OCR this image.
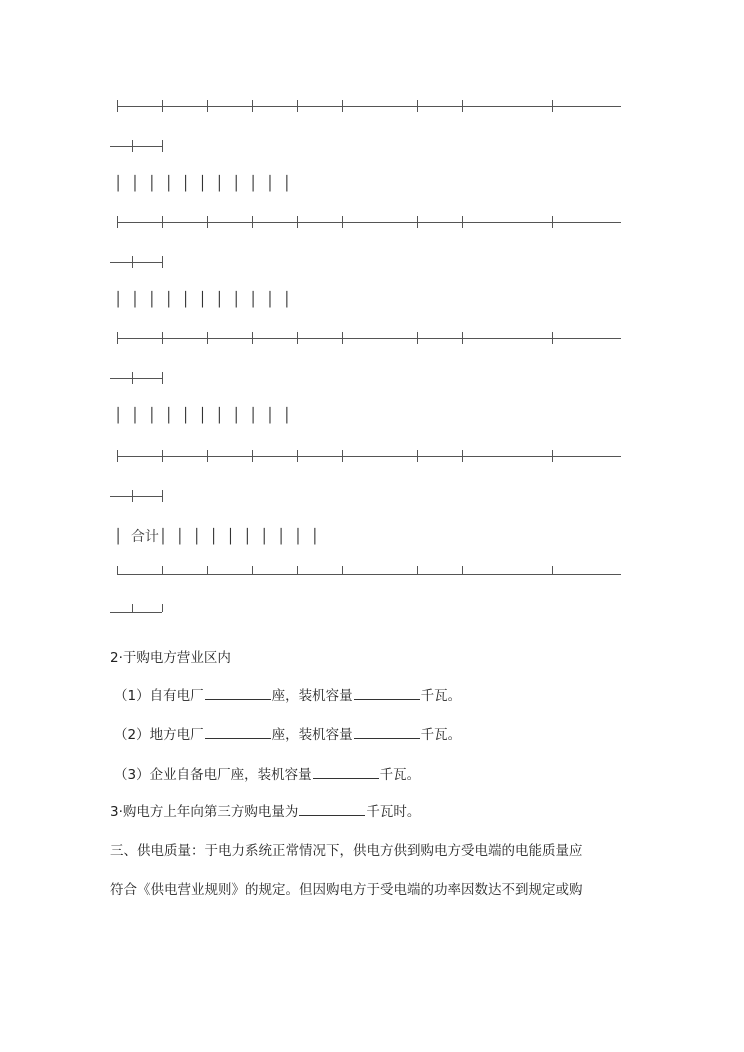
│ │ │ │ │ │ │ │ │ │ │
│ │ │ │ │ │ │ │ │ │ │
│ │ │ │ │ │ │ │ │ │ │
│ 合计│ │ │ │ │ │ │ │ │ │
2·于购电方营业区内
（1）自有电厂	座，装机容量	千瓦。
（2）地方电厂	座，装机容量	千瓦。
（3）企业自备电厂座，装机容量	千瓦。
3·购电方上年向第三方购电量为	千瓦时。
三、供电质量：于电力系统正常情况下，供电方供到购电方受电端的电能质量应
符合《供电营业规则》的规定。但因购电方于受电端的功率因数达不到规定或购
